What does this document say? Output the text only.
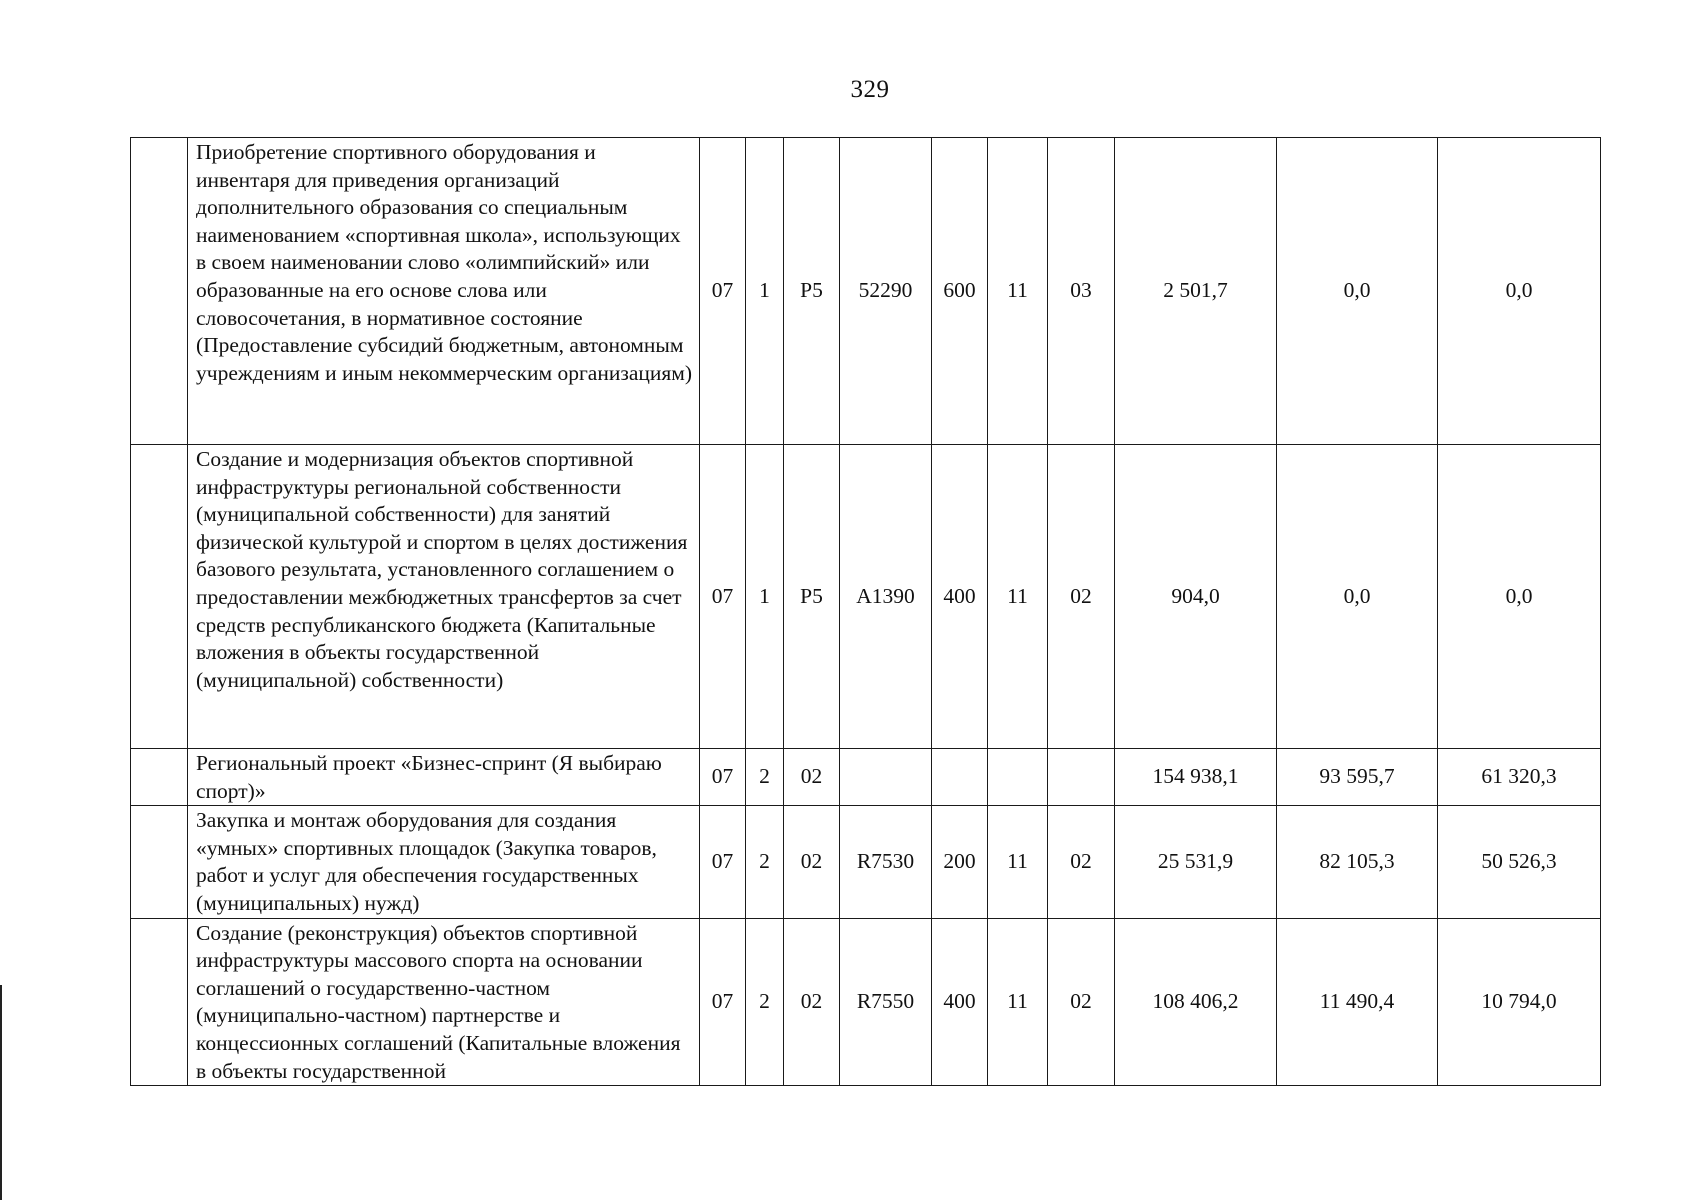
329
	Приобретение спортивного оборудования и инвентаря для приведения организаций дополнительного образования со специальным наименованием «спортивная школа», использующих в своем наименовании слово «олимпийский» или образованные на его основе слова или словосочетания, в нормативное состояние (Предоставление субсидий бюджетным, автономным учреждениям и иным некоммерческим организациям)	07	1	P5	52290	600	11	03	2 501,7	0,0	0,0
	Создание и модернизация объектов спортивной инфраструктуры региональной собственности (муниципальной собственности) для занятий физической культурой и спортом в целях достижения базового результата, установленного соглашением о предоставлении межбюджетных трансфертов за счет средств республиканского бюджета (Капитальные вложения в объекты государственной (муниципальной) собственности)	07	1	P5	A1390	400	11	02	904,0	0,0	0,0
	Региональный проект «Бизнес-спринт (Я выбираю спорт)»	07	2	02					154 938,1	93 595,7	61 320,3
	Закупка и монтаж оборудования для создания «умных» спортивных площадок (Закупка товаров, работ и услуг для обеспечения государственных (муниципальных) нужд)	07	2	02	R7530	200	11	02	25 531,9	82 105,3	50 526,3
	Создание (реконструкция) объектов спортивной инфраструктуры массового спорта на основании соглашений о государственно-частном (муниципально-частном) партнерстве и концессионных соглашений (Капитальные вложения в объекты государственной	07	2	02	R7550	400	11	02	108 406,2	11 490,4	10 794,0
